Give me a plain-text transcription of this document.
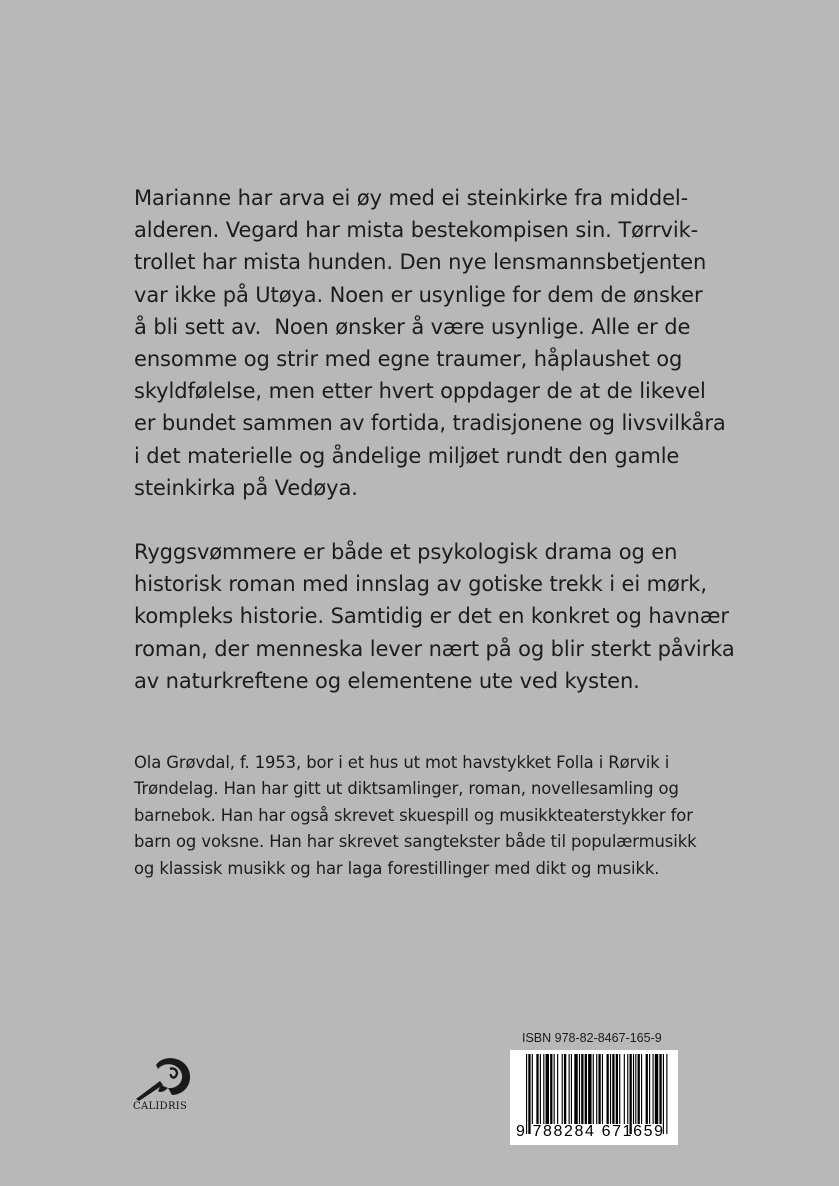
Marianne har arva ei øy med ei steinkirke fra middel-
alderen. Vegard har mista bestekompisen sin. Tørrvik-
trollet har mista hunden. Den nye lensmannsbetjenten
var ikke på Utøya. Noen er usynlige for dem de ønsker
å bli sett av.  Noen ønsker å være usynlige. Alle er de
ensomme og strir med egne traumer, håplaushet og
skyldfølelse, men etter hvert oppdager de at de likevel
er bundet sammen av fortida, tradisjonene og livsvilkåra
i det materielle og åndelige miljøet rundt den gamle
steinkirka på Vedøya.
Ryggsvømmere er både et psykologisk drama og en
historisk roman med innslag av gotiske trekk i ei mørk,
kompleks historie. Samtidig er det en konkret og havnær
roman, der menneska lever nært på og blir sterkt påvirka
av naturkreftene og elementene ute ved kysten.
Ola Grøvdal, f. 1953, bor i et hus ut mot havstykket Folla i Rørvik i
Trøndelag. Han har gitt ut diktsamlinger, roman, novellesamling og
barnebok. Han har også skrevet skuespill og musikkteaterstykker for
barn og voksne. Han har skrevet sangtekster både til populærmusikk
og klassisk musikk og har laga forestillinger med dikt og musikk.
CALIDRIS
ISBN 978-82-8467-165-9
9 788284 671659
